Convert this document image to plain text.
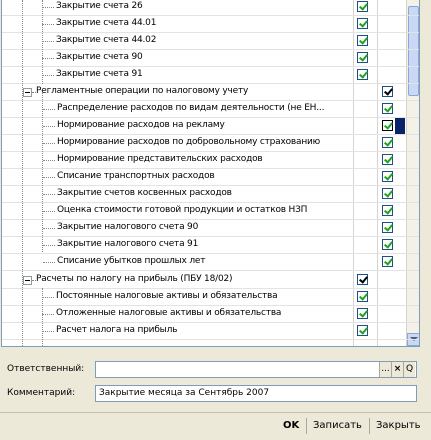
Закрытие счета 26
Закрытие счета 44.01
Закрытие счета 44.02
Закрытие счета 90
Закрытие счета 91
Регламентные операции по налоговому учету
Распределение расходов по видам деятельности (не ЕН...
Нормирование расходов на рекламу
Нормирование расходов по добровольному страхованию
Нормирование представительских расходов
Списание транспортных расходов
Закрытие счетов косвенных расходов
Оценка стоимости готовой продукции и остатков НЗП
Закрытие налогового счета 90
Закрытие налогового счета 91
Списание убытков прошлых лет
Расчеты по налогу на прибыль (ПБУ 18/02)
Постоянные налоговые активы и обязательства
Отложенные налоговые активы и обязательства
Расчет налога на прибыль
Ответственный:	... × Q
Комментарий:	Закрытие месяца за Сентябрь 2007
OK	Записать	Закрыть
